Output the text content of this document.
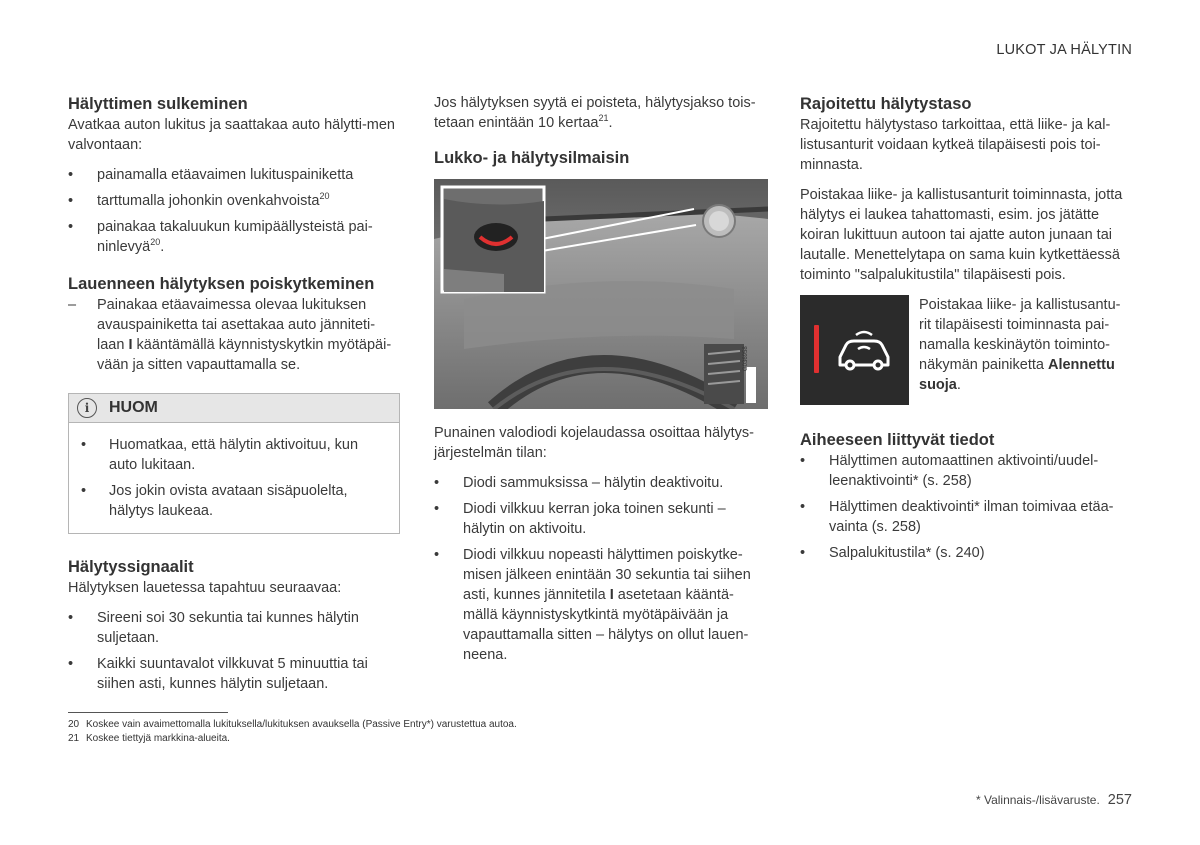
LUKOT JA HÄLYTIN
Hälyttimen sulkeminen

Avatkaa auton lukitus ja saattakaa auto hälytti-men valvontaan:

• painamalla etäavaimen lukituspainiketta
• tarttumalla johonkin ovenkahvoista$^{20}$
• painakaa takaluukun kumipäällysteistä pai-ninlevyä$^{20}$.
Lauenneen hälytyksen poiskytkeminen
– Painakaa etäavaimessa olevaa lukituksen avauspainiketta tai asettakaa auto jänniteti-laan I kääntämällä käynnistyskytkin myötäpäi-vään ja sitten vapauttamalla se.
i	HUOM
• Huomatkaa, että hälytin aktivoituu, kun auto lukitaan.
• Jos jokin ovista avataan sisäpuolelta, hälytys laukeaa.
Hälytyssignaalit

Hälytyksen lauetessa tapahtuu seuraavaa:

• Sireeni soi 30 sekuntia tai kunnes hälytin suljetaan.
• Kaikki suuntavalot vilkkuvat 5 minuuttia tai siihen asti, kunnes hälytin suljetaan.

Jos hälytyksen syytä ei poisteta, hälytysjakso tois-tetaan enintään 10 kertaa$^{21}$.

Lukko- ja hälytysilmaisin
G036958

Punainen valodiodi kojelaudassa osoittaa hälytys-järjestelmän tilan:

• Diodi sammuksissa – hälytin deaktivoitu.
• Diodi vilkkuu kerran joka toinen sekunti – hälytin on aktivoitu.
• Diodi vilkkuu nopeasti hälyttimen poiskytke-misen jälkeen enintään 30 sekuntia tai siihen asti, kunnes jännitetila I asetetaan kääntä-mällä käynnistyskytkintä myötäpäivään ja vapauttamalla sitten – hälytys on ollut lauen-neena.
Rajoitettu hälytystaso

Rajoitettu hälytystaso tarkoittaa, että liike- ja kal-listusanturit voidaan kytkeä tilapäisesti pois toi-minnasta.

Poistakaa liike- ja kallistusanturit toiminnasta, jotta hälytys ei laukea tahattomasti, esim. jos jätätte koiran lukittuun autoon tai ajatte auton junaan tai lautalle. Menettelytapa on sama kuin kytkettäessä toiminto "salpalukitustila" tilapäisesti pois.

Poistakaa liike- ja kallistusantu-rit tilapäisesti toiminnasta pai-namalla keskinäytön toiminto-näkymän painiketta Alennettu suoja.

Aiheeseen liittyvät tiedot
• Hälyttimen automaattinen aktivointi/uudel-leenaktivointi* (s. 258)
• Hälyttimen deaktivointi* ilman toimivaa etäa-vainta (s. 258)
• Salpalukitustila* (s. 240)
20 Koskee vain avaimettomalla lukituksella/lukituksen avauksella (Passive Entry*) varustettua autoa.
21 Koskee tiettyjä markkina-alueita.
* Valinnais-/lisävaruste. 257
